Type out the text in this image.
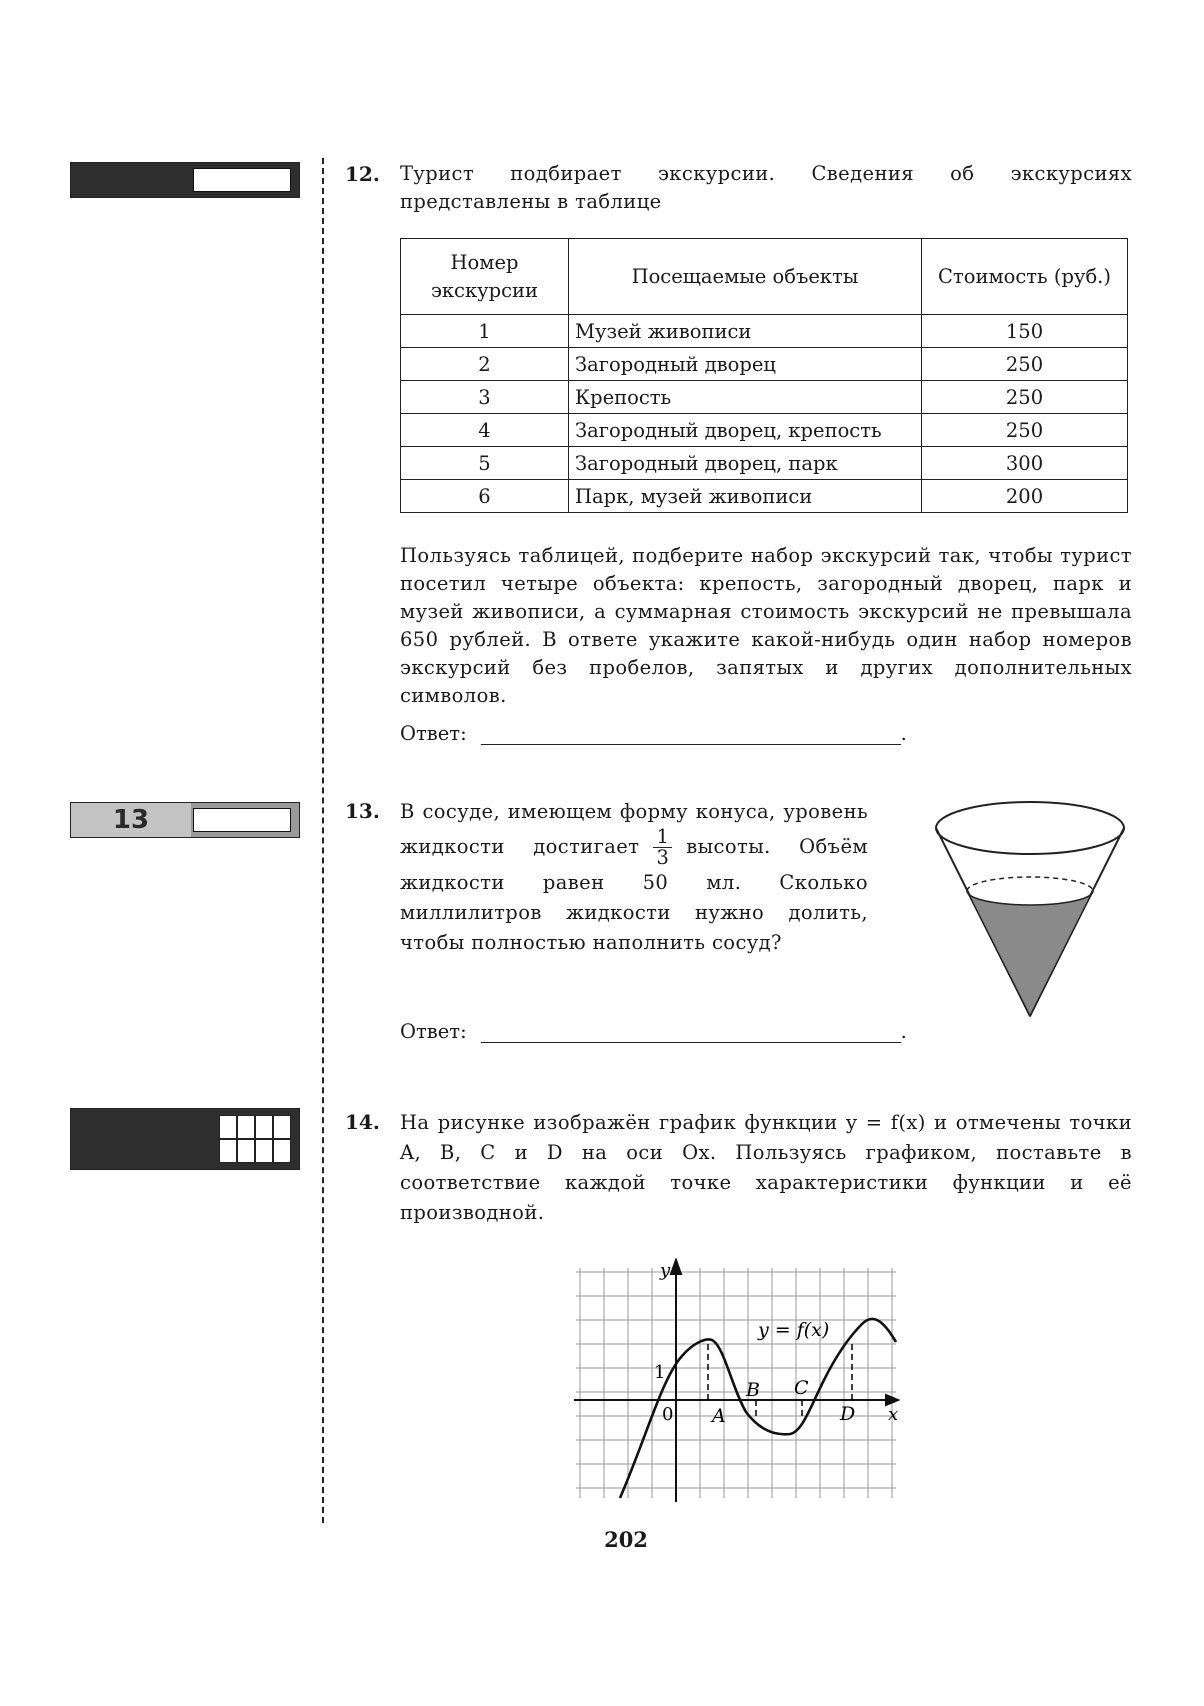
13
12. Турист подбирает экскурсии. Сведения об экскурсиях представлены в таблице
Номер экскурсии	Посещаемые объекты	Стоимость (руб.)
1	Музей живописи	150
2	Загородный дворец	250
3	Крепость	250
4	Загородный дворец, крепость	250
5	Загородный дворец, парк	300
6	Парк, музей живописи	200
Пользуясь таблицей, подберите набор экскурсий так, чтобы турист посетил четыре объекта: крепость, загородный дворец, парк и музей живописи, а суммарная стоимость экскурсий не превышала 650 рублей. В ответе укажите какой-нибудь один набор номеров экскурсий без пробелов, запятых и других дополнительных символов.
Ответ:	.
13. В сосуде, имеющем форму конуса, уровень жидкости достигает $\frac{1}{3}$ высоты. Объём жидкости равен 50 мл. Сколько миллилитров жидкости нужно долить, чтобы полностью наполнить сосуд?
Ответ:	.
14. На рисунке изображён график функции y = f(x) и отмечены точки A, B, C и D на оси Ox. Пользуясь графиком, поставьте в соответствие каждой точке характеристики функции и её производной.
y
x
0
1
y = f(x)
A
B C
D
202
